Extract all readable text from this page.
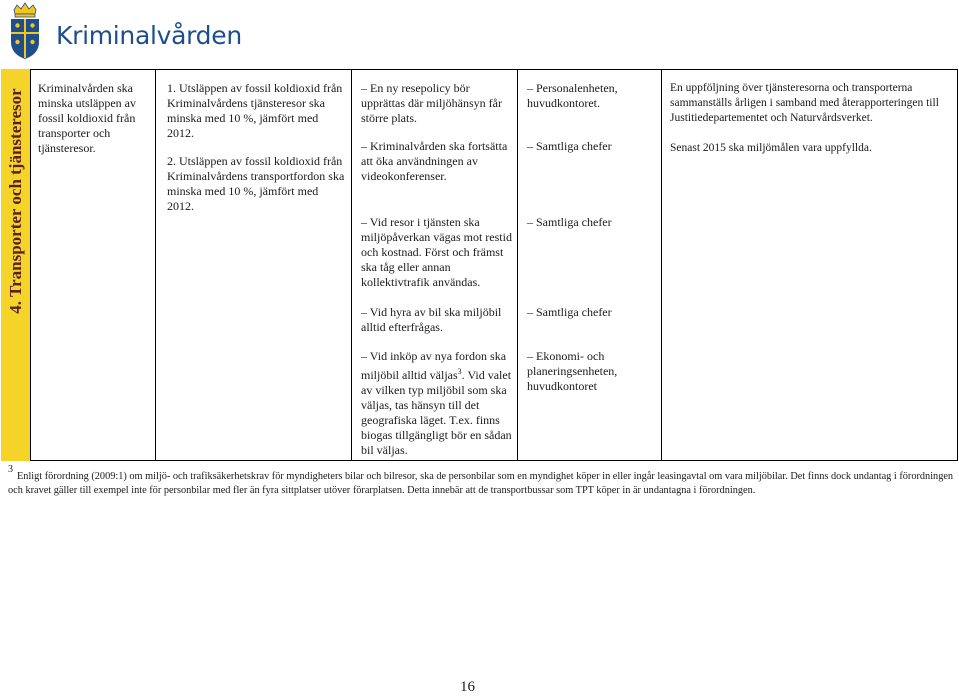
Kriminalvården
4. Transporter och tjänsteresor

Kriminalvården ska minska utsläppen av fossil koldioxid från transporter och tjänsteresor.

1. Utsläppen av fossil koldioxid från Kriminalvårdens tjänsteresor ska minska med 10 %, jämfört med 2012.

2. Utsläppen av fossil koldioxid från Kriminalvårdens transportfordon ska minska med 10 %, jämfört med 2012.

– En ny resepolicy bör upprättas där miljöhänsyn får större plats.

– Kriminalvården ska fortsätta att öka användningen av videokonferenser.

– Vid resor i tjänsten ska miljöpåverkan vägas mot restid och kostnad. Först och främst ska tåg eller annan kollektivtrafik användas.

– Vid hyra av bil ska miljöbil alltid efterfrågas.

– Vid inköp av nya fordon ska miljöbil alltid väljas$^3$. Vid valet av vilken typ miljöbil som ska väljas, tas hänsyn till det geografiska läget. T.ex. finns biogas tillgängligt bör en sådan bil väljas.

– Personalenheten, huvudkontoret.

– Samtliga chefer

– Samtliga chefer

– Samtliga chefer

– Ekonomi- och planeringsenheten, huvudkontoret

En uppföljning över tjänsteresorna och transporterna sammanställs årligen i samband med återapporteringen till Justitiedepartementet och Naturvårdsverket.

Senast 2015 ska miljömålen vara uppfyllda.

$^3$Enligt förordning (2009:1) om miljö- och trafiksäkerhetskrav för myndigheters bilar och bilresor, ska de personbilar som en myndighet köper in eller ingår leasingavtal om vara miljöbilar. Det finns dock undantag i förordningen och kravet gäller till exempel inte för personbilar med fler än fyra sittplatser utöver förarplatsen. Detta innebär att de transportbussar som TPT köper in är undantagna i förordningen.
16
